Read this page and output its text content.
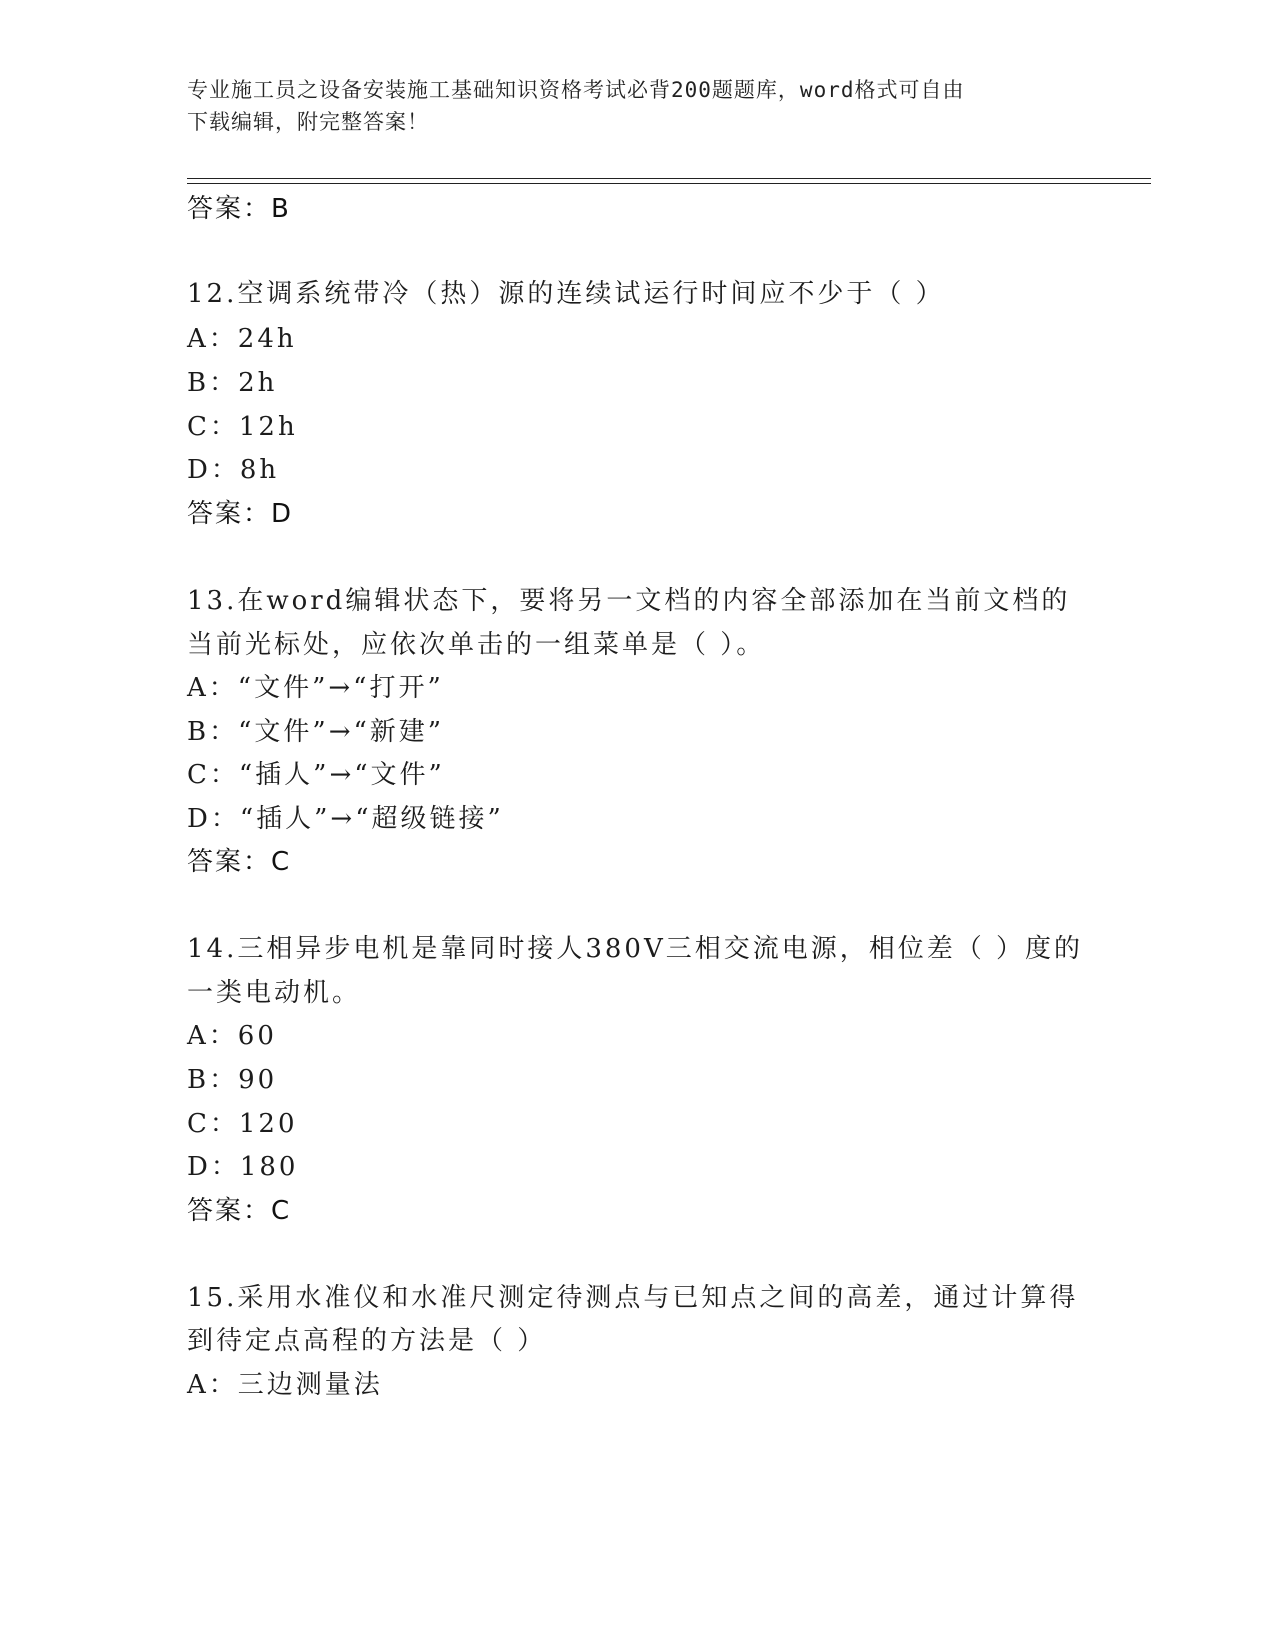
专业施工员之设备安装施工基础知识资格考试必背200题题库，word格式可自由
下载编辑，附完整答案！
答案：B
12.空调系统带冷（热）源的连续试运行时间应不少于（ ）
A：24h
B：2h
C：12h
D：8h
答案：D
13.在word编辑状态下，要将另一文档的内容全部添加在当前文档的
当前光标处，应依次单击的一组菜单是（ ）。
A：“文件”→“打开”
B：“文件”→“新建”
C：“插人”→“文件”
D：“插人”→“超级链接”
答案：C
14.三相异步电机是靠同时接人380V三相交流电源，相位差（ ）度的
一类电动机。
A：60
B：90
C：120
D：180
答案：C
15.采用水准仪和水准尺测定待测点与已知点之间的高差，通过计算得
到待定点高程的方法是（ ）
A：三边测量法
